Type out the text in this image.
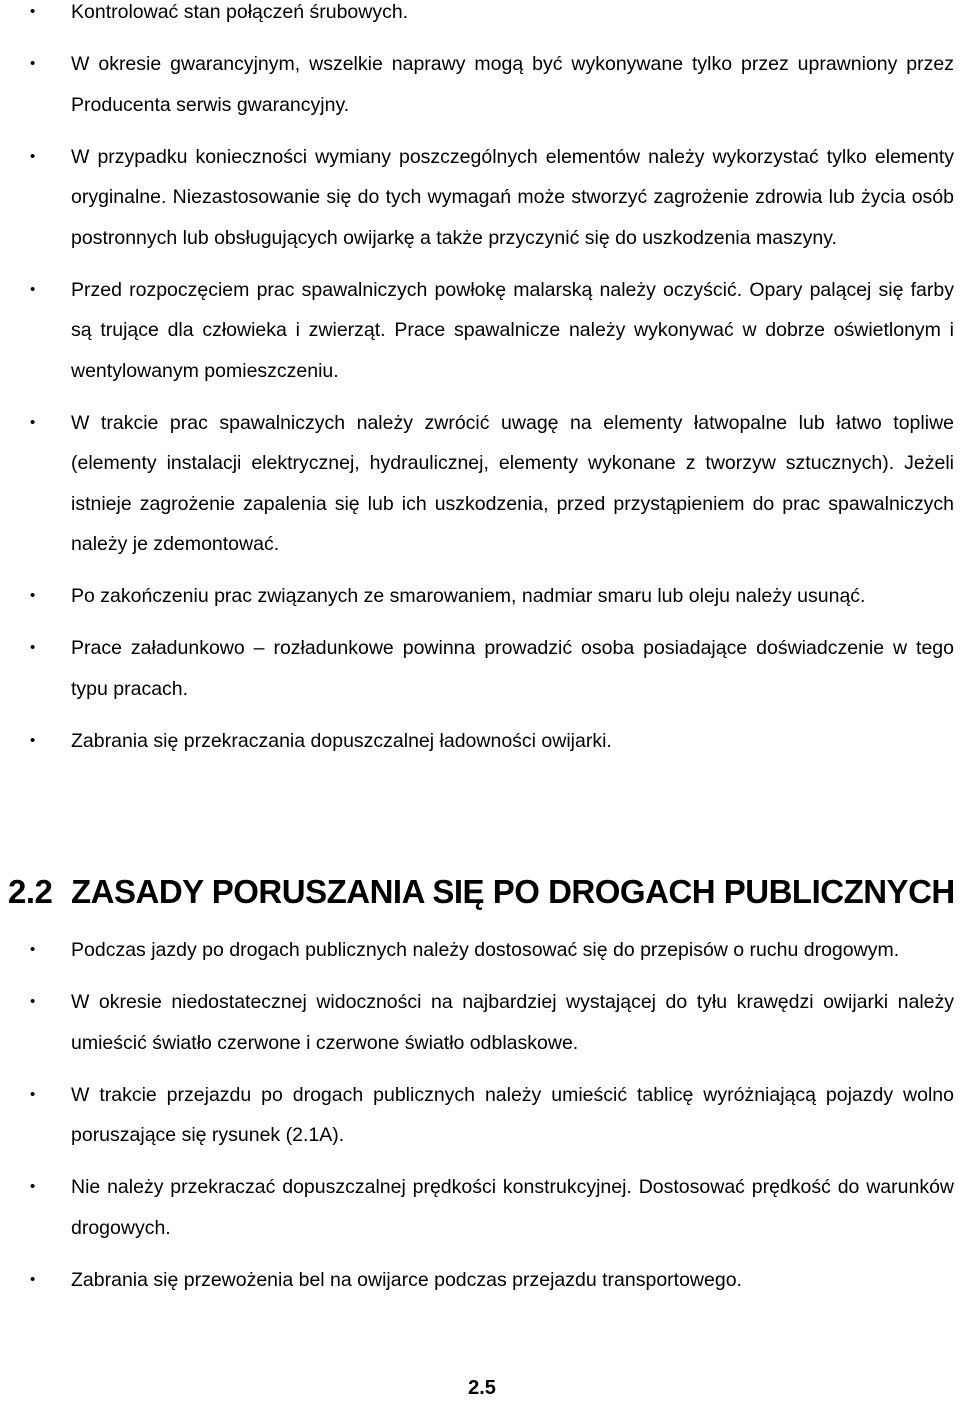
• Kontrolować stan połączeń śrubowych.
• W okresie gwarancyjnym, wszelkie naprawy mogą być wykonywane tylko przez uprawniony przez Producenta serwis gwarancyjny.
• W przypadku konieczności wymiany poszczególnych elementów należy wykorzystać tylko elementy oryginalne. Niezastosowanie się do tych wymagań może stworzyć zagrożenie zdrowia lub życia osób postronnych lub obsługujących owijarkę a także przyczynić się do uszkodzenia maszyny.
• Przed rozpoczęciem prac spawalniczych powłokę malarską należy oczyścić. Opary palącej się farby są trujące dla człowieka i zwierząt. Prace spawalnicze należy wykonywać w dobrze oświetlonym i wentylowanym pomieszczeniu.
• W trakcie prac spawalniczych należy zwrócić uwagę na elementy łatwopalne lub łatwo topliwe (elementy instalacji elektrycznej, hydraulicznej, elementy wykonane z tworzyw sztucznych). Jeżeli istnieje zagrożenie zapalenia się lub ich uszkodzenia, przed przystąpieniem do prac spawalniczych należy je zdemontować.
• Po zakończeniu prac związanych ze smarowaniem, nadmiar smaru lub oleju należy usunąć.
• Prace załadunkowo – rozładunkowe powinna prowadzić osoba posiadające doświadczenie w tego typu pracach.
• Zabrania się przekraczania dopuszczalnej ładowności owijarki.
2.2 ZASADY PORUSZANIA SIĘ PO DROGACH PUBLICZNYCH
• Podczas jazdy po drogach publicznych należy dostosować się do przepisów o ruchu drogowym.
• W okresie niedostatecznej widoczności na najbardziej wystającej do tyłu krawędzi owijarki należy umieścić światło czerwone i czerwone światło odblaskowe.
• W trakcie przejazdu po drogach publicznych należy umieścić tablicę wyróżniającą pojazdy wolno poruszające się rysunek (2.1A).
• Nie należy przekraczać dopuszczalnej prędkości konstrukcyjnej. Dostosować prędkość do warunków drogowych.
• Zabrania się przewożenia bel na owijarce podczas przejazdu transportowego.
2.5
